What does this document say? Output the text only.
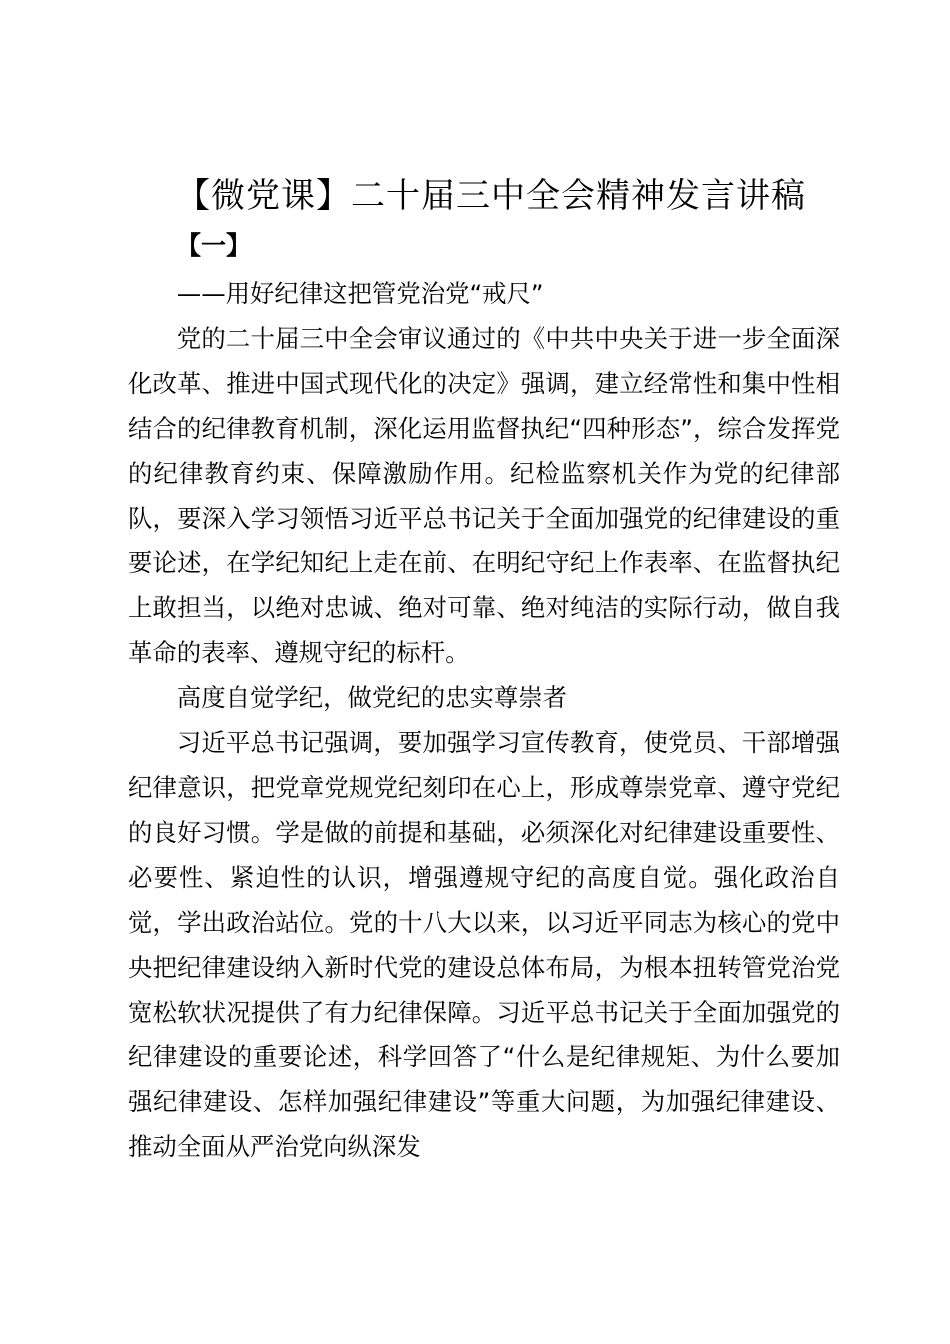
【微党课】二十届三中全会精神发言讲稿
【一】

——用好纪律这把管党治党“戒尺”

党的二十届三中全会审议通过的《中共中央关于进一步全面深化改革、推进中国式现代化的决定》强调，建立经常性和集中性相结合的纪律教育机制，深化运用监督执纪“四种形态”，综合发挥党的纪律教育约束、保障激励作用。纪检监察机关作为党的纪律部队，要深入学习领悟习近平总书记关于全面加强党的纪律建设的重要论述，在学纪知纪上走在前、在明纪守纪上作表率、在监督执纪上敢担当，以绝对忠诚、绝对可靠、绝对纯洁的实际行动，做自我革命的表率、遵规守纪的标杆。

高度自觉学纪，做党纪的忠实尊崇者

习近平总书记强调，要加强学习宣传教育，使党员、干部增强纪律意识，把党章党规党纪刻印在心上，形成尊崇党章、遵守党纪的良好习惯。学是做的前提和基础，必须深化对纪律建设重要性、必要性、紧迫性的认识，增强遵规守纪的高度自觉。强化政治自觉，学出政治站位。党的十八大以来，以习近平同志为核心的党中央把纪律建设纳入新时代党的建设总体布局，为根本扭转管党治党宽松软状况提供了有力纪律保障。习近平总书记关于全面加强党的纪律建设的重要论述，科学回答了“什么是纪律规矩、为什么要加强纪律建设、怎样加强纪律建设”等重大问题，为加强纪律建设、推动全面从严治党向纵深发
